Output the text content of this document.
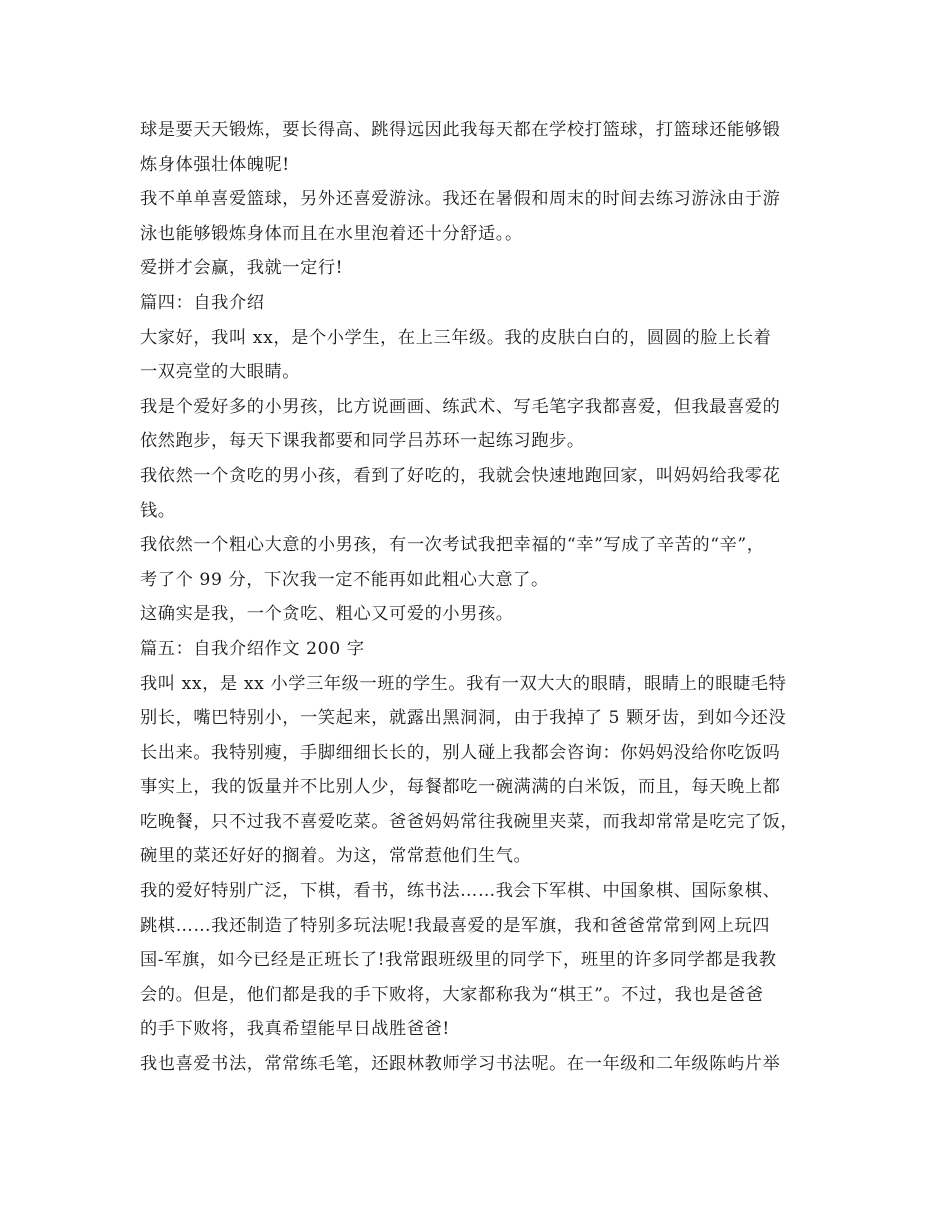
球是要天天锻炼，要长得高、跳得远因此我每天都在学校打篮球，打篮球还能够锻
炼身体强壮体魄呢!
我不单单喜爱篮球，另外还喜爱游泳。我还在暑假和周末的时间去练习游泳由于游
泳也能够锻炼身体而且在水里泡着还十分舒适。。
爱拼才会赢，我就一定行!
篇四：自我介绍
大家好，我叫 xx，是个小学生，在上三年级。我的皮肤白白的，圆圆的脸上长着
一双亮堂的大眼睛。
我是个爱好多的小男孩，比方说画画、练武术、写毛笔字我都喜爱，但我最喜爱的
依然跑步，每天下课我都要和同学吕苏环一起练习跑步。
我依然一个贪吃的男小孩，看到了好吃的，我就会快速地跑回家，叫妈妈给我零花
钱。
我依然一个粗心大意的小男孩，有一次考试我把幸福的“幸”写成了辛苦的“辛”，
考了个 99 分，下次我一定不能再如此粗心大意了。
这确实是我，一个贪吃、粗心又可爱的小男孩。
篇五：自我介绍作文 200 字
我叫 xx，是 xx 小学三年级一班的学生。我有一双大大的眼睛，眼睛上的眼睫毛特
别长，嘴巴特别小，一笑起来，就露出黑洞洞，由于我掉了 5 颗牙齿，到如今还没
长出来。我特别瘦，手脚细细长长的，别人碰上我都会咨询：你妈妈没给你吃饭吗
事实上，我的饭量并不比别人少，每餐都吃一碗满满的白米饭，而且，每天晚上都
吃晚餐，只不过我不喜爱吃菜。爸爸妈妈常往我碗里夹菜，而我却常常是吃完了饭，
碗里的菜还好好的搁着。为这，常常惹他们生气。
我的爱好特别广泛，下棋，看书，练书法……我会下军棋、中国象棋、国际象棋、
跳棋……我还制造了特别多玩法呢!我最喜爱的是军旗，我和爸爸常常到网上玩四
国-军旗，如今已经是正班长了!我常跟班级里的同学下，班里的许多同学都是我教
会的。但是，他们都是我的手下败将，大家都称我为“棋王”。不过，我也是爸爸
的手下败将，我真希望能早日战胜爸爸!
我也喜爱书法，常常练毛笔，还跟林教师学习书法呢。在一年级和二年级陈屿片举
